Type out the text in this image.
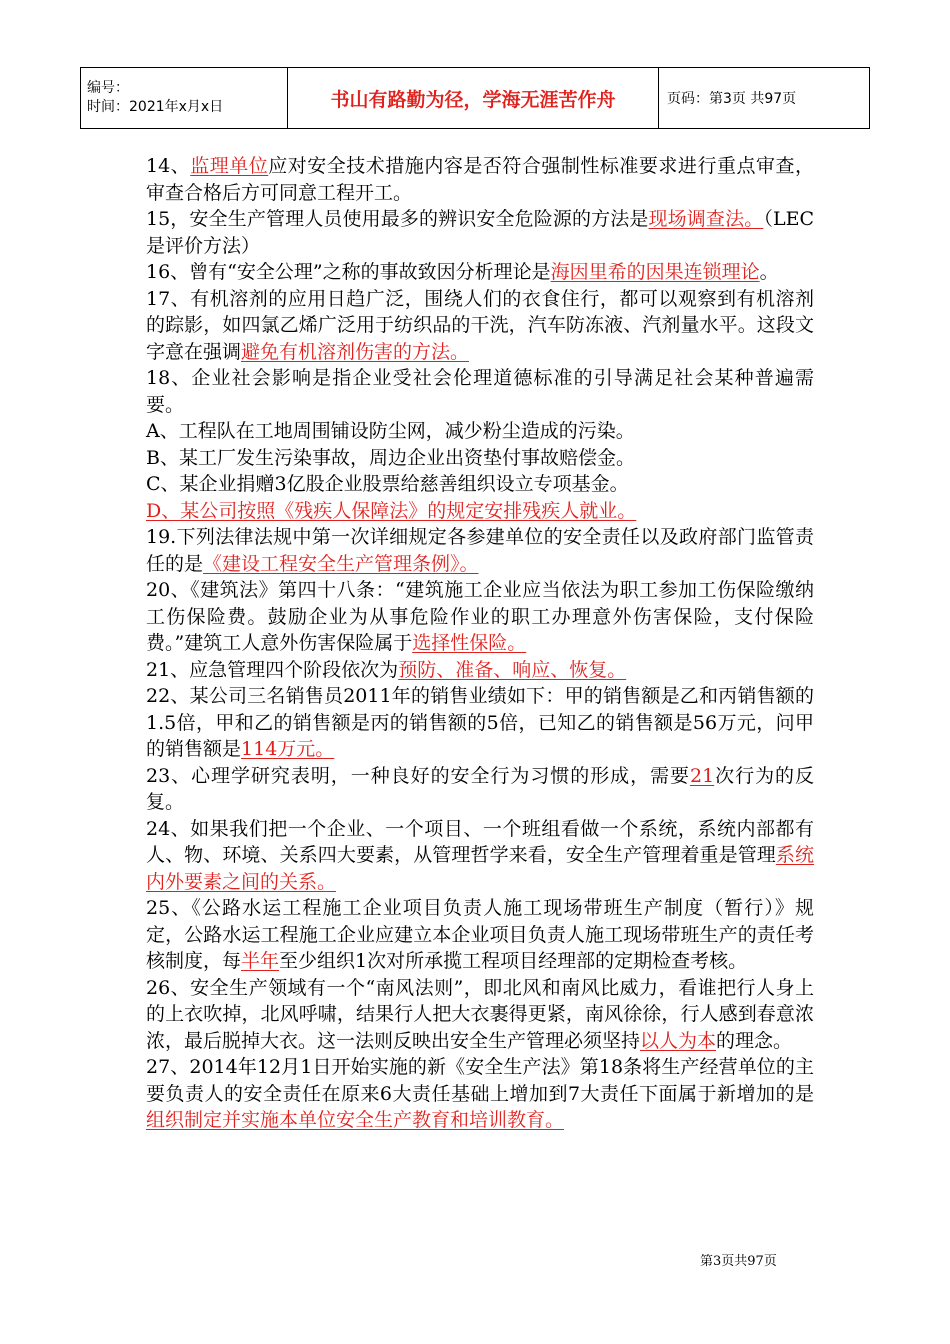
编号：
时间：2021年x月x日	书山有路勤为径，学海无涯苦作舟	页码：第3页 共97页

14、监理单位应对安全技术措施内容是否符合强制性标准要求进行重点审查，审查合格后方可同意工程开工。

15，安全生产管理人员使用最多的辨识安全危险源的方法是现场调查法。（LEC是评价方法）

16、曾有“安全公理”之称的事故致因分析理论是海因里希的因果连锁理论。

17、有机溶剂的应用日趋广泛，围绕人们的衣食住行，都可以观察到有机溶剂的踪影，如四氯乙烯广泛用于纺织品的干洗，汽车防冻液、汽剂量水平。这段文字意在强调避免有机溶剂伤害的方法。

18、企业社会影响是指企业受社会伦理道德标准的引导满足社会某种普遍需要。

A、工程队在工地周围铺设防尘网，减少粉尘造成的污染。

B、某工厂发生污染事故，周边企业出资垫付事故赔偿金。

C、某企业捐赠3亿股企业股票给慈善组织设立专项基金。

D、某公司按照《残疾人保障法》的规定安排残疾人就业。

19.下列法律法规中第一次详细规定各参建单位的安全责任以及政府部门监管责任的是《建设工程安全生产管理条例》。

20、《建筑法》第四十八条：“建筑施工企业应当依法为职工参加工伤保险缴纳工伤保险费。鼓励企业为从事危险作业的职工办理意外伤害保险，支付保险费。”建筑工人意外伤害保险属于选择性保险。

21、应急管理四个阶段依次为预防、准备、响应、恢复。

22、某公司三名销售员2011年的销售业绩如下：甲的销售额是乙和丙销售额的1.5倍，甲和乙的销售额是丙的销售额的5倍，已知乙的销售额是56万元，问甲的销售额是114万元。

23、心理学研究表明，一种良好的安全行为习惯的形成，需要21次行为的反复。

24、如果我们把一个企业、一个项目、一个班组看做一个系统，系统内部都有人、物、环境、关系四大要素，从管理哲学来看，安全生产管理着重是管理系统内外要素之间的关系。

25、《公路水运工程施工企业项目负责人施工现场带班生产制度（暂行）》规定，公路水运工程施工企业应建立本企业项目负责人施工现场带班生产的责任考核制度，每半年至少组织1次对所承揽工程项目经理部的定期检查考核。

26、安全生产领域有一个“南风法则”，即北风和南风比威力，看谁把行人身上的上衣吹掉，北风呼啸，结果行人把大衣裹得更紧，南风徐徐，行人感到春意浓浓，最后脱掉大衣。这一法则反映出安全生产管理必须坚持以人为本的理念。

27、2014年12月1日开始实施的新《安全生产法》第18条将生产经营单位的主要负责人的安全责任在原来6大责任基础上增加到7大责任下面属于新增加的是组织制定并实施本单位安全生产教育和培训教育。

第3页共97页
